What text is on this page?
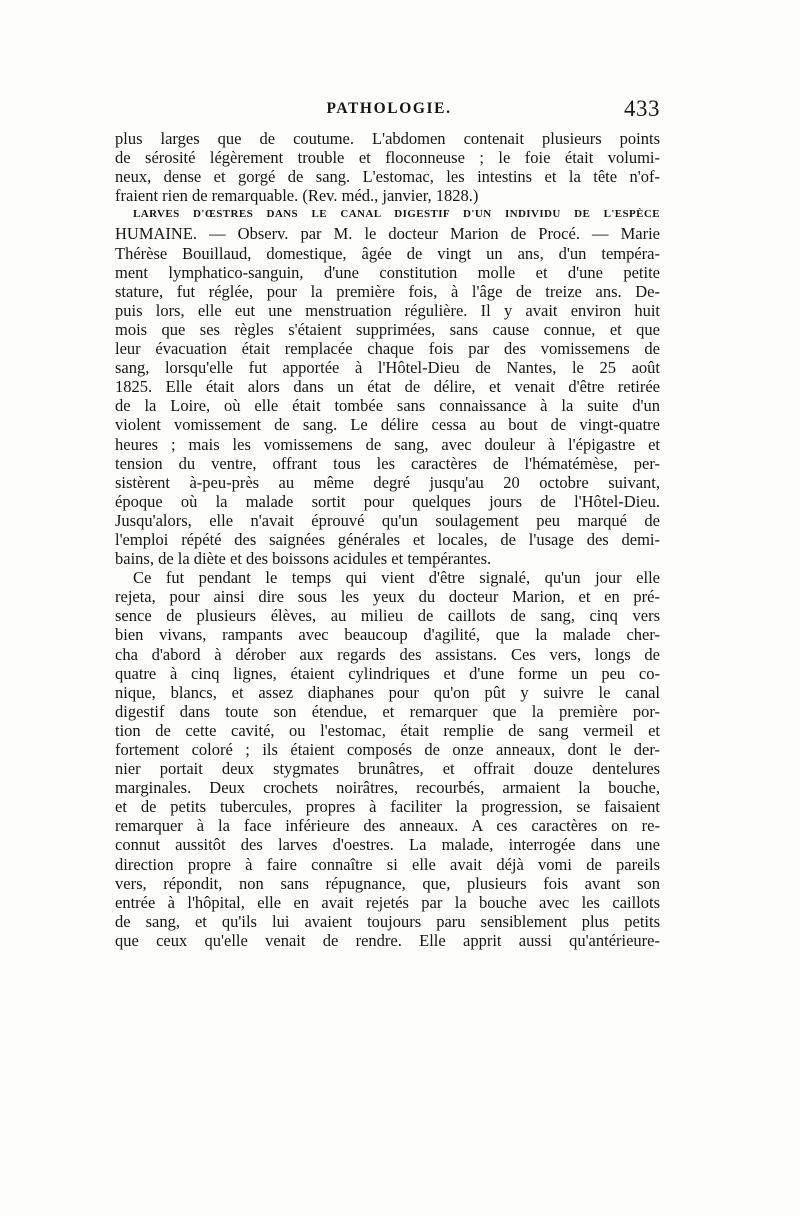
PATHOLOGIE.	433
plus larges que de coutume. L'abdomen contenait plusieurs points
de sérosité légèrement trouble et floconneuse ; le foie était volumi-
neux, dense et gorgé de sang. L'estomac, les intestins et la tête n'of-
fraient rien de remarquable. (Rev. méd., janvier, 1828.)
LARVES D'ŒSTRES DANS LE CANAL DIGESTIF D'UN INDIVIDU DE L'ESPÈCE
HUMAINE. — Observ. par M. le docteur Marion de Procé. — Marie
Thérèse Bouillaud, domestique, âgée de vingt un ans, d'un tempéra-
ment lymphatico-sanguin, d'une constitution molle et d'une petite
stature, fut réglée, pour la première fois, à l'âge de treize ans. De-
puis lors, elle eut une menstruation régulière. Il y avait environ huit
mois que ses règles s'étaient supprimées, sans cause connue, et que
leur évacuation était remplacée chaque fois par des vomissemens de
sang, lorsqu'elle fut apportée à l'Hôtel-Dieu de Nantes, le 25 août
1825. Elle était alors dans un état de délire, et venait d'être retirée
de la Loire, où elle était tombée sans connaissance à la suite d'un
violent vomissement de sang. Le délire cessa au bout de vingt-quatre
heures ; mais les vomissemens de sang, avec douleur à l'épigastre et
tension du ventre, offrant tous les caractères de l'hématémèse, per-
sistèrent à-peu-près au même degré jusqu'au 20 octobre suivant,
époque où la malade sortit pour quelques jours de l'Hôtel-Dieu.
Jusqu'alors, elle n'avait éprouvé qu'un soulagement peu marqué de
l'emploi répété des saignées générales et locales, de l'usage des demi-
bains, de la diète et des boissons acidules et tempérantes.
Ce fut pendant le temps qui vient d'être signalé, qu'un jour elle
rejeta, pour ainsi dire sous les yeux du docteur Marion, et en pré-
sence de plusieurs élèves, au milieu de caillots de sang, cinq vers
bien vivans, rampants avec beaucoup d'agilité, que la malade cher-
cha d'abord à dérober aux regards des assistans. Ces vers, longs de
quatre à cinq lignes, étaient cylindriques et d'une forme un peu co-
nique, blancs, et assez diaphanes pour qu'on pût y suivre le canal
digestif dans toute son étendue, et remarquer que la première por-
tion de cette cavité, ou l'estomac, était remplie de sang vermeil et
fortement coloré ; ils étaient composés de onze anneaux, dont le der-
nier portait deux stygmates brunâtres, et offrait douze dentelures
marginales. Deux crochets noirâtres, recourbés, armaient la bouche,
et de petits tubercules, propres à faciliter la progression, se faisaient
remarquer à la face inférieure des anneaux. A ces caractères on re-
connut aussitôt des larves d'oestres. La malade, interrogée dans une
direction propre à faire connaître si elle avait déjà vomi de pareils
vers, répondit, non sans répugnance, que, plusieurs fois avant son
entrée à l'hôpital, elle en avait rejetés par la bouche avec les caillots
de sang, et qu'ils lui avaient toujours paru sensiblement plus petits
que ceux qu'elle venait de rendre. Elle apprit aussi qu'antérieure-
